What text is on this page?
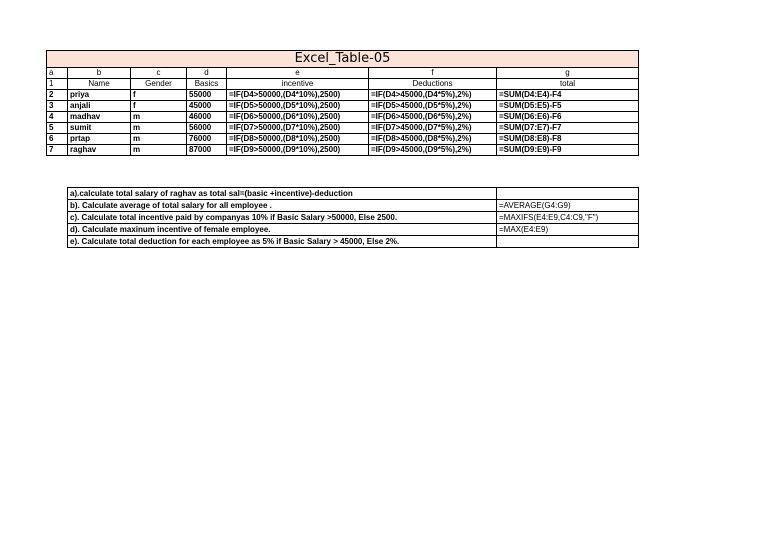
Excel_Table-05						
a	b	c	d	e	f	g
1	Name	Gender	Basics	incentive	Deductions	total
2	priya	f	55000	=IF(D4>50000,(D4*10%),2500)	=IF(D4>45000,(D4*5%),2%)	=SUM(D4:E4)-F4
3	anjali	f	45000	=IF(D5>50000,(D5*10%),2500)	=IF(D5>45000,(D5*5%),2%)	=SUM(D5:E5)-F5
4	madhav	m	46000	=IF(D6>50000,(D6*10%),2500)	=IF(D6>45000,(D6*5%),2%)	=SUM(D6:E6)-F6
5	sumit	m	56000	=IF(D7>50000,(D7*10%),2500)	=IF(D7>45000,(D7*5%),2%)	=SUM(D7:E7)-F7
6	prtap	m	76000	=IF(D8>50000,(D8*10%),2500)	=IF(D8>45000,(D8*5%),2%)	=SUM(D8:E8)-F8
7	raghav	m	87000	=IF(D9>50000,(D9*10%),2500)	=IF(D9>45000,(D9*5%),2%)	=SUM(D9:E9)-F9
a).calculate total salary of raghav as total sal=(basic +incentive)-deduction	
b). Calculate average of total salary for all employee .	=AVERAGE(G4:G9)
c). Calculate total incentive paid by companyas 10% if Basic Salary >50000, Else 2500.	=MAXIFS(E4:E9,C4:C9,"F")
d). Calculate maxinum incentive of female employee.	=MAX(E4:E9)
e). Calculate total deduction for each employee as 5% if Basic Salary > 45000, Else 2%.	
